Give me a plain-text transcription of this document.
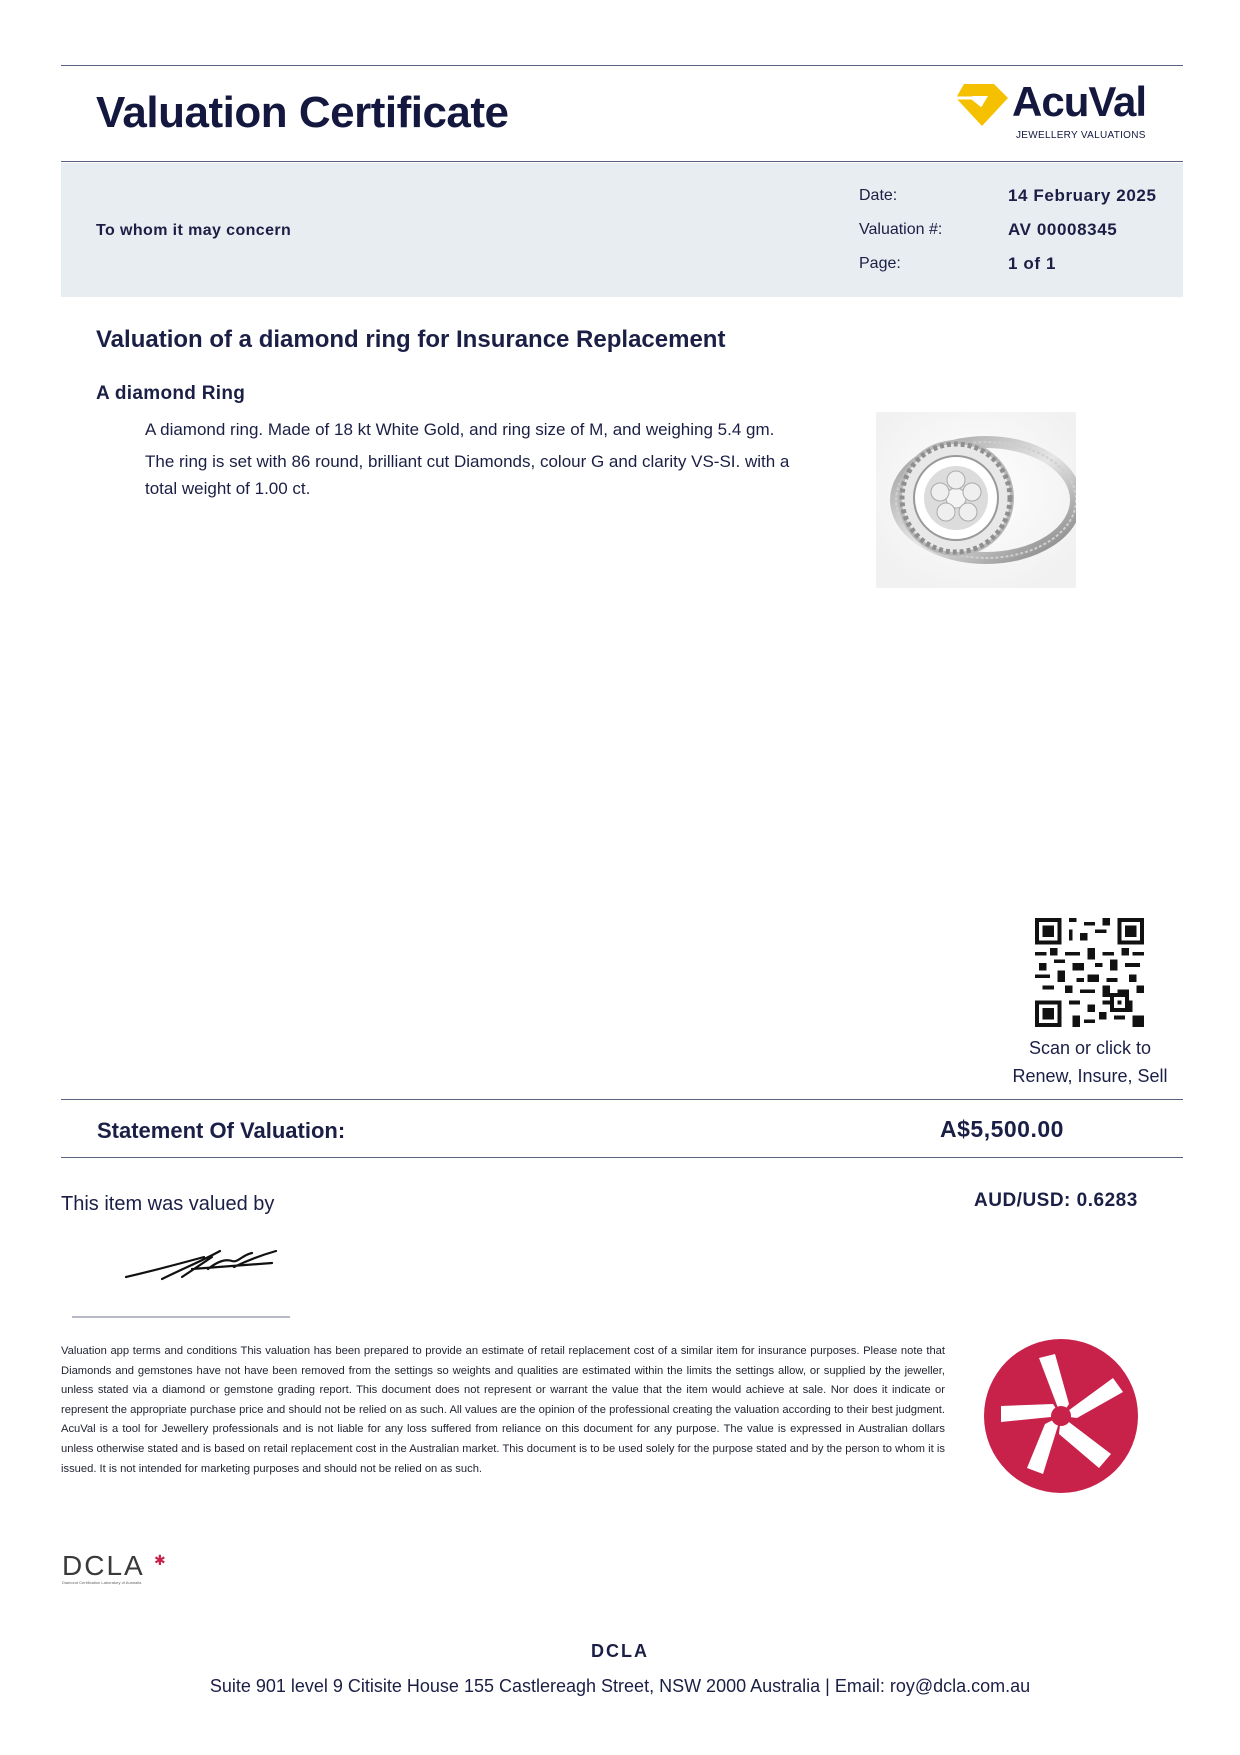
Valuation Certificate	AcuVal
JEWELLERY VALUATIONS
To whom it may concern
Date:	14 February 2025
Valuation #:	AV 00008345
Page:	1 of 1
Valuation of a diamond ring for Insurance Replacement
A diamond Ring
A diamond ring. Made of 18 kt White Gold, and ring size of M, and weighing 5.4 gm.
The ring is set with 86 round, brilliant cut Diamonds, colour G and clarity VS-SI. with a total weight of 1.00 ct.
Scan or click to
Renew, Insure, Sell
Statement Of Valuation:	A$5,500.00
This item was valued by	AUD/USD: 0.6283
Valuation app terms and conditions This valuation has been prepared to provide an estimate of retail replacement cost of a similar item for insurance purposes. Please note that Diamonds and gemstones have not have been removed from the settings so weights and qualities are estimated within the limits the settings allow, or supplied by the jeweller, unless stated via a diamond or gemstone grading report. This document does not represent or warrant the value that the item would achieve at sale. Nor does it indicate or represent the appropriate purchase price and should not be relied on as such. All values are the opinion of the professional creating the valuation according to their best judgment. AcuVal is a tool for Jewellery professionals and is not liable for any loss suffered from reliance on this document for any purpose. The value is expressed in Australian dollars unless otherwise stated and is based on retail replacement cost in the Australian market. This document is to be used solely for the purpose stated and by the person to whom it is issued. It is not intended for marketing purposes and should not be relied on as such.
DCLA ✱
Diamond Certification Laboratory of Australia
DCLA
Suite 901 level 9 Citisite House 155 Castlereagh Street, NSW 2000 Australia | Email: roy@dcla.com.au
